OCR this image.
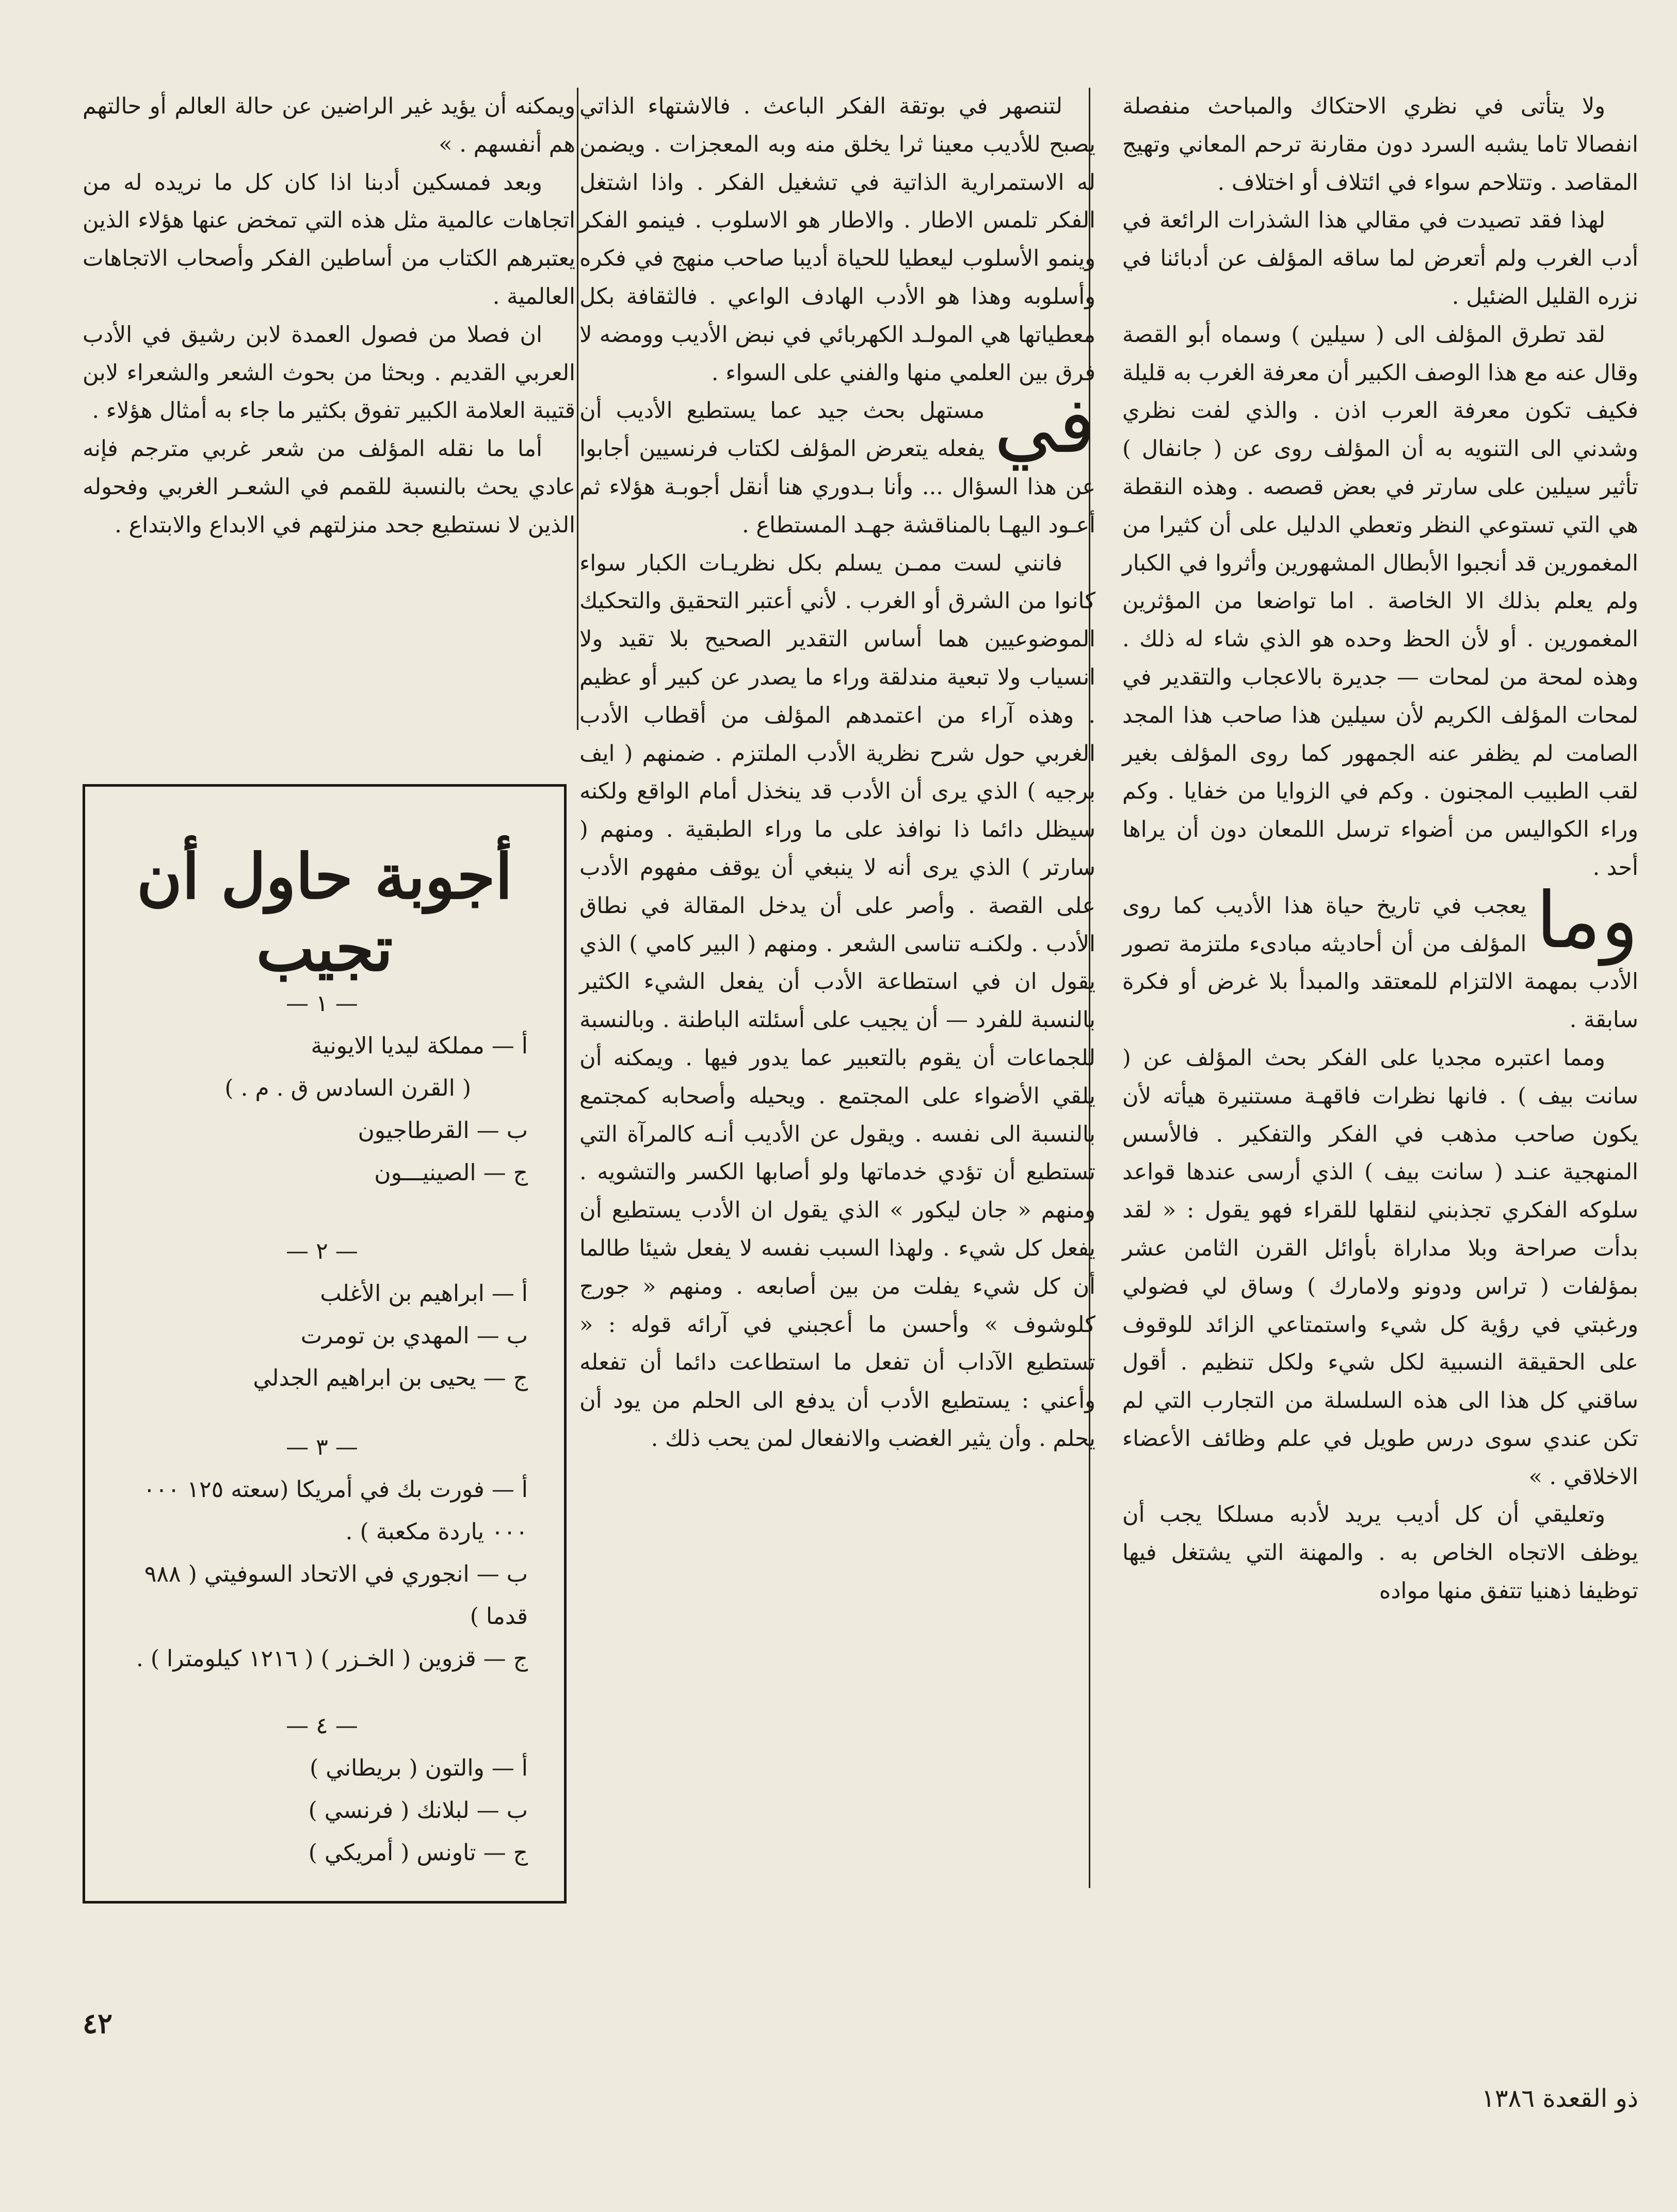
ولا يتأتى في نظري الاحتكاك والمباحث منفصلة انفصالا تاما يشبه السرد دون مقارنة ترحم المعاني وتهيج المقاصد . وتتلاحم سواء في ائتلاف أو اختلاف .

لهذا فقد تصيدت في مقالي هذا الشذرات الرائعة في أدب الغرب ولم أتعرض لما ساقه المؤلف عن أدبائنا في نزره القليل الضئيل .

لقد تطرق المؤلف الى ( سيلين ) وسماه أبو القصة وقال عنه مع هذا الوصف الكبير أن معرفة الغرب به قليلة فكيف تكون معرفة العرب اذن . والذي لفت نظري وشدني الى التنويه به أن المؤلف روى عن ( جانفال ) تأثير سيلين على سارتر في بعض قصصه . وهذه النقطة هي التي تستوعي النظر وتعطي الدليل على أن كثيرا من المغمورين قد أنجبوا الأبطال المشهورين وأثروا في الكبار ولم يعلم بذلك الا الخاصة . اما تواضعا من المؤثرين المغمورين . أو لأن الحظ وحده هو الذي شاء له ذلك . وهذه لمحة من لمحات — جديرة بالاعجاب والتقدير في لمحات المؤلف الكريم لأن سيلين هذا صاحب هذا المجد الصامت لم يظفر عنه الجمهور كما روى المؤلف بغير لقب الطبيب المجنون . وكم في الزوايا من خفايا . وكم وراء الكواليس من أضواء ترسل اللمعان دون أن يراها أحد .

وما
يعجب في تاريخ حياة هذا الأديب كما روى المؤلف من أن أحاديثه مبادىء ملتزمة تصور الأدب بمهمة الالتزام للمعتقد والمبدأ بلا غرض أو فكرة سابقة .

ومما اعتبره مجديا على الفكر بحث المؤلف عن ( سانت بيف ) . فانها نظرات فاقهـة مستنيرة هيأته لأن يكون صاحب مذهب في الفكر والتفكير . فالأسس المنهجية عنـد ( سانت بيف ) الذي أرسى عندها قواعد سلوكه الفكري تجذبني لنقلها للقراء فهو يقول : « لقد بدأت صراحة وبلا مداراة بأوائل القرن الثامن عشر بمؤلفات ( تراس ودونو ولامارك ) وساق لي فضولي ورغبتي في رؤية كل شيء واستمتاعي الزائد للوقوف على الحقيقة النسبية لكل شيء ولكل تنظيم . أقول ساقني كل هذا الى هذه السلسلة من التجارب التي لم تكن عندي سوى درس طويل في علم وظائف الأعضاء الاخلاقي . »

وتعليقي أن كل أديب يريد لأدبه مسلكا يجب أن يوظف الاتجاه الخاص به . والمهنة التي يشتغل فيها توظيفا ذهنيا تتفق منها مواده

لتنصهر في بوتقة الفكر الباعث . فالاشتهاء الذاتي يصبح للأديب معينا ثرا يخلق منه وبه المعجزات . ويضمن له الاستمرارية الذاتية في تشغيل الفكر . واذا اشتغل الفكر تلمس الاطار . والاطار هو الاسلوب . فينمو الفكر وينمو الأسلوب ليعطيا للحياة أديبا صاحب منهج في فكره وأسلوبه وهذا هو الأدب الهادف الواعي . فالثقافة بكل معطياتها هي المولـد الكهربائي في نبض الأديب وومضه لا فرق بين العلمي منها والفني على السواء .

في
مستهل بحث جيد عما يستطيع الأديب أن يفعله يتعرض المؤلف لكتاب فرنسيين أجابوا عن هذا السؤال ... وأنا بـدوري هنا أنقل أجوبـة هؤلاء ثم أعـود اليهـا بالمناقشة جهـد المستطاع .

فانني لست ممـن يسلم بكل نظريـات الكبار سواء كانوا من الشرق أو الغرب . لأني أعتبر التحقيق والتحكيك الموضوعيين هما أساس التقدير الصحيح بلا تقيد ولا انسياب ولا تبعية مندلقة وراء ما يصدر عن كبير أو عظيم . وهذه آراء من اعتمدهم المؤلف من أقطاب الأدب الغربي حول شرح نظرية الأدب الملتزم . ضمنهم ( ايف برجيه ) الذي يرى أن الأدب قد ينخذل أمام الواقع ولكنه سيظل دائما ذا نوافذ على ما وراء الطبقية . ومنهم ( سارتر ) الذي يرى أنه لا ينبغي أن يوقف مفهوم الأدب على القصة . وأصر على أن يدخل المقالة في نطاق الأدب . ولكنـه تناسى الشعر . ومنهم ( البير كامي ) الذي يقول ان في استطاعة الأدب أن يفعل الشيء الكثير بالنسبة للفرد — أن يجيب على أسئلته الباطنة . وبالنسبة للجماعات أن يقوم بالتعبير عما يدور فيها . ويمكنه أن يلقي الأضواء على المجتمع . ويحيله وأصحابه كمجتمع بالنسبة الى نفسه . ويقول عن الأديب أنـه كالمرآة التي تستطيع أن تؤدي خدماتها ولو أصابها الكسر والتشويه . ومنهم « جان ليكور » الذي يقول ان الأدب يستطيع أن يفعل كل شيء . ولهذا السبب نفسه لا يفعل شيئا طالما أن كل شيء يفلت من بين أصابعه . ومنهم « جورج كلوشوف » وأحسن ما أعجبني في آرائه قوله : « تستطيع الآداب أن تفعل ما استطاعت دائما أن تفعله وأعني : يستطيع الأدب أن يدفع الى الحلم من يود أن يحلم . وأن يثير الغضب والانفعال لمن يحب ذلك .

ويمكنه أن يؤيد غير الراضين عن حالة العالم أو حالتهم هم أنفسهم . »

وبعد فمسكين أدبنا اذا كان كل ما نريده له من اتجاهات عالمية مثل هذه التي تمخض عنها هؤلاء الذين يعتبرهم الكتاب من أساطين الفكر وأصحاب الاتجاهات العالمية .

ان فصلا من فصول العمدة لابن رشيق في الأدب العربي القديم . وبحثا من بحوث الشعر والشعراء لابن قتيبة العلامة الكبير تفوق بكثير ما جاء به أمثال هؤلاء .

أما ما نقله المؤلف من شعر غربي مترجم فإنه عادي يحث بالنسبة للقمم في الشعـر الغربي وفحوله الذين لا نستطيع جحد منزلتهم في الابداع والابتداع .

أجوبة حاول أن تجيب

— ١ —

أ — مملكة ليديا الايونية

( القرن السادس ق . م . )

ب — القرطاجيون

ج — الصينيـــون

— ٢ —

أ — ابراهيم بن الأغلب

ب — المهدي بن تومرت

ج — يحيى بن ابراهيم الجدلي

— ٣ —

أ — فورت بك في أمريكا (سعته ١٢٥ ٠٠٠ ٠٠٠ ياردة مكعبة ) .

ب — انجوري في الاتحاد السوفيتي ( ٩٨٨ قدما )

ج — قزوين ( الخـزر ) ( ١٢١٦ كيلومترا ) .

— ٤ —

أ — والتون ( بريطاني )

ب — لبلانك ( فرنسي )

ج — تاونس ( أمريكي )

٤٢
ذو القعدة ١٣٨٦
